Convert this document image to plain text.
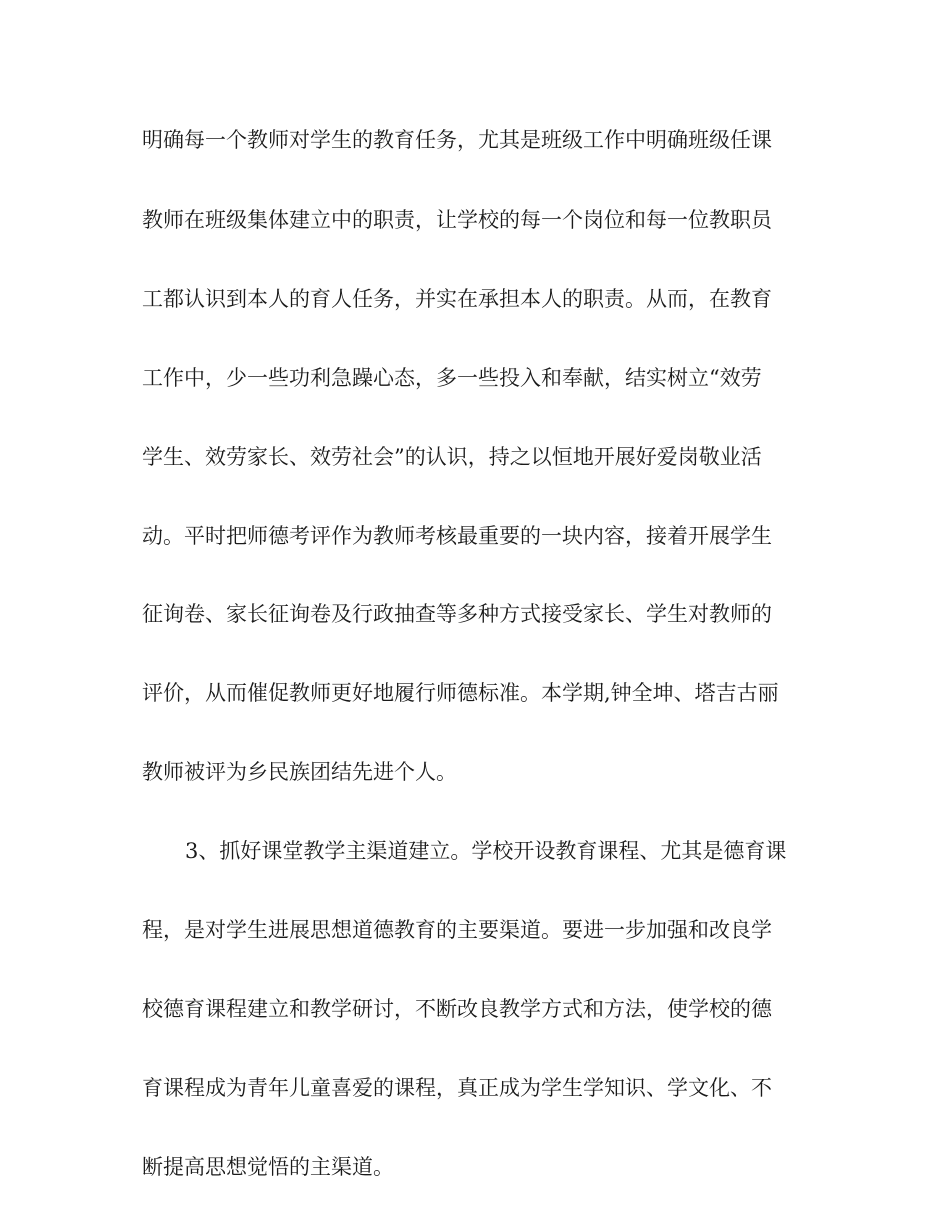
明确每一个教师对学生的教育任务，尤其是班级工作中明确班级任课
教师在班级集体建立中的职责，让学校的每一个岗位和每一位教职员
工都认识到本人的育人任务，并实在承担本人的职责。从而，在教育
工作中，少一些功利急躁心态，多一些投入和奉献，结实树立“效劳
学生、效劳家长、效劳社会”的认识，持之以恒地开展好爱岗敬业活
动。平时把师德考评作为教师考核最重要的一块内容，接着开展学生
征询卷、家长征询卷及行政抽查等多种方式接受家长、学生对教师的
评价，从而催促教师更好地履行师德标准。本学期,钟全坤、塔吉古丽
教师被评为乡民族团结先进个人。
3、抓好课堂教学主渠道建立。学校开设教育课程、尤其是德育课
程，是对学生进展思想道德教育的主要渠道。要进一步加强和改良学
校德育课程建立和教学研讨，不断改良教学方式和方法，使学校的德
育课程成为青年儿童喜爱的课程，真正成为学生学知识、学文化、不
断提高思想觉悟的主渠道。
